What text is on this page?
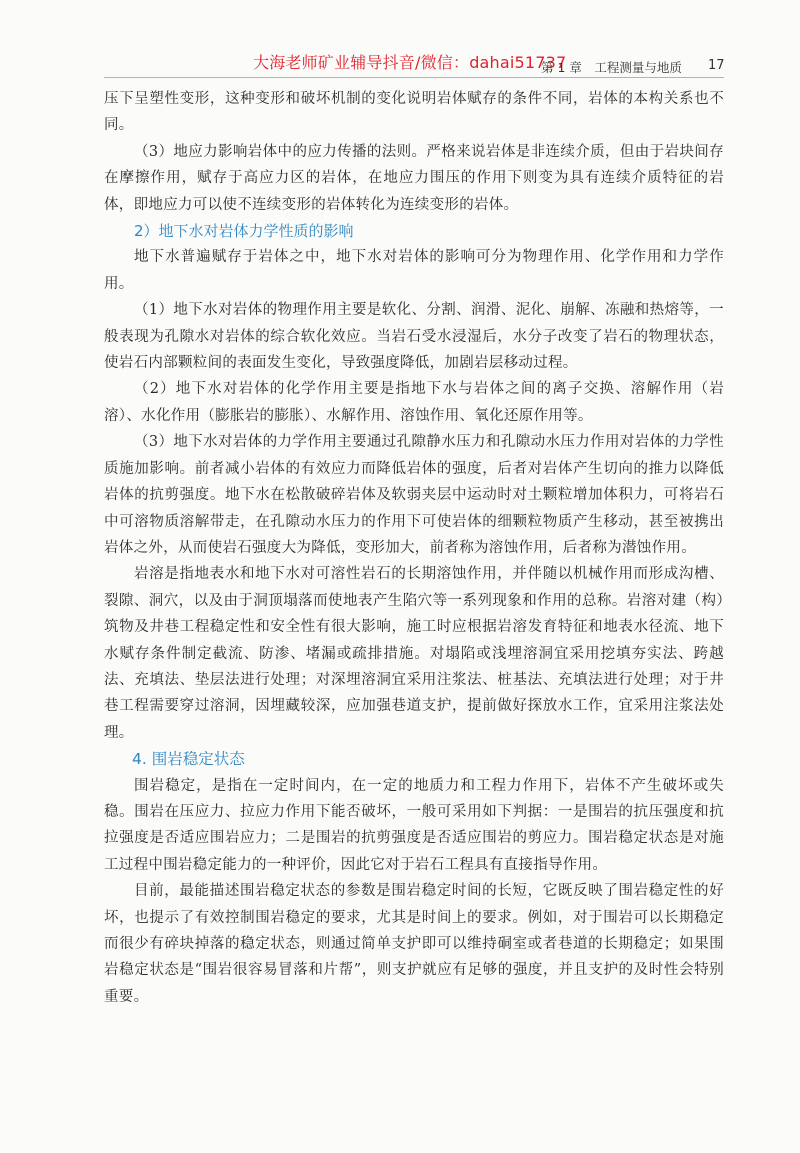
大海老师矿业辅导抖音/微信：dahai51737
第 1 章　工程测量与地质 17

压下呈塑性变形，这种变形和破坏机制的变化说明岩体赋存的条件不同，岩体的本构关系也不同。

（3）地应力影响岩体中的应力传播的法则。严格来说岩体是非连续介质，但由于岩块间存在摩擦作用，赋存于高应力区的岩体，在地应力围压的作用下则变为具有连续介质特征的岩体，即地应力可以使不连续变形的岩体转化为连续变形的岩体。

2）地下水对岩体力学性质的影响

地下水普遍赋存于岩体之中，地下水对岩体的影响可分为物理作用、化学作用和力学作用。

（1）地下水对岩体的物理作用主要是软化、分割、润滑、泥化、崩解、冻融和热熔等，一般表现为孔隙水对岩体的综合软化效应。当岩石受水浸湿后，水分子改变了岩石的物理状态，使岩石内部颗粒间的表面发生变化，导致强度降低，加剧岩层移动过程。

（2）地下水对岩体的化学作用主要是指地下水与岩体之间的离子交换、溶解作用（岩溶）、水化作用（膨胀岩的膨胀）、水解作用、溶蚀作用、氧化还原作用等。

（3）地下水对岩体的力学作用主要通过孔隙静水压力和孔隙动水压力作用对岩体的力学性质施加影响。前者减小岩体的有效应力而降低岩体的强度，后者对岩体产生切向的推力以降低岩体的抗剪强度。地下水在松散破碎岩体及软弱夹层中运动时对土颗粒增加体积力，可将岩石中可溶物质溶解带走，在孔隙动水压力的作用下可使岩体的细颗粒物质产生移动，甚至被携出岩体之外，从而使岩石强度大为降低，变形加大，前者称为溶蚀作用，后者称为潜蚀作用。

岩溶是指地表水和地下水对可溶性岩石的长期溶蚀作用，并伴随以机械作用而形成沟槽、裂隙、洞穴，以及由于洞顶塌落而使地表产生陷穴等一系列现象和作用的总称。岩溶对建（构）筑物及井巷工程稳定性和安全性有很大影响，施工时应根据岩溶发育特征和地表水径流、地下水赋存条件制定截流、防渗、堵漏或疏排措施。对塌陷或浅埋溶洞宜采用挖填夯实法、跨越法、充填法、垫层法进行处理；对深埋溶洞宜采用注浆法、桩基法、充填法进行处理；对于井巷工程需要穿过溶洞，因埋藏较深，应加强巷道支护，提前做好探放水工作，宜采用注浆法处理。

4. 围岩稳定状态

围岩稳定，是指在一定时间内，在一定的地质力和工程力作用下，岩体不产生破坏或失稳。围岩在压应力、拉应力作用下能否破坏，一般可采用如下判据：一是围岩的抗压强度和抗拉强度是否适应围岩应力；二是围岩的抗剪强度是否适应围岩的剪应力。围岩稳定状态是对施工过程中围岩稳定能力的一种评价，因此它对于岩石工程具有直接指导作用。

目前，最能描述围岩稳定状态的参数是围岩稳定时间的长短，它既反映了围岩稳定性的好坏，也提示了有效控制围岩稳定的要求，尤其是时间上的要求。例如，对于围岩可以长期稳定而很少有碎块掉落的稳定状态，则通过简单支护即可以维持硐室或者巷道的长期稳定；如果围岩稳定状态是“围岩很容易冒落和片帮”，则支护就应有足够的强度，并且支护的及时性会特别重要。
